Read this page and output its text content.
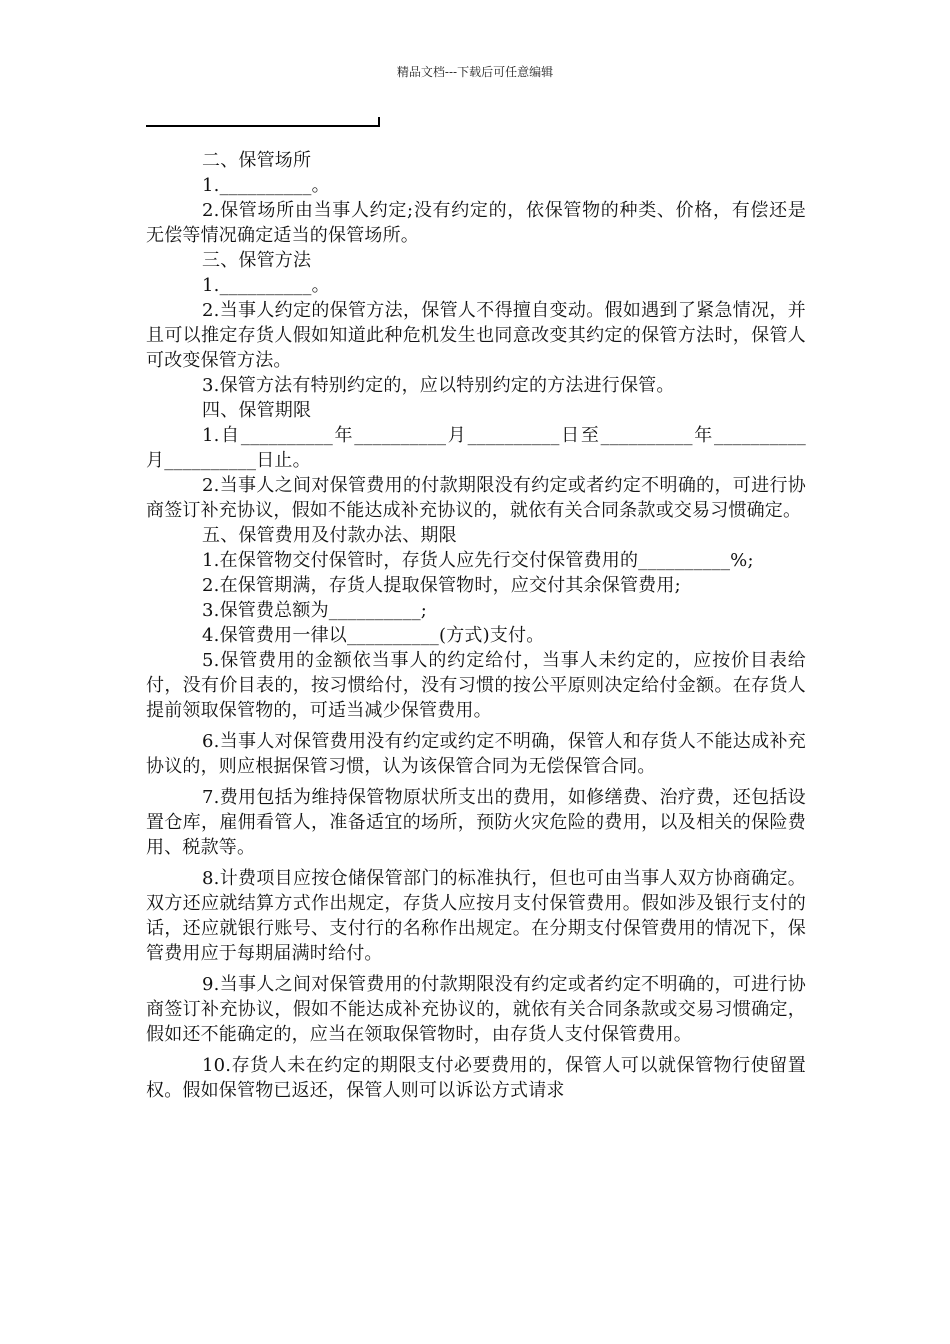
精品文档---下载后可任意编辑

二、保管场所

1.__________。

2.保管场所由当事人约定;没有约定的，依保管物的种类、价格，有偿还是无偿等情况确定适当的保管场所。

三、保管方法

1.__________。

2.当事人约定的保管方法，保管人不得擅自变动。假如遇到了紧急情况，并且可以推定存货人假如知道此种危机发生也同意改变其约定的保管方法时，保管人可改变保管方法。

3.保管方法有特别约定的，应以特别约定的方法进行保管。

四、保管期限

1.自__________年__________月__________日至__________年__________月__________日止。

2.当事人之间对保管费用的付款期限没有约定或者约定不明确的，可进行协商签订补充协议，假如不能达成补充协议的，就依有关合同条款或交易习惯确定。

五、保管费用及付款办法、期限

1.在保管物交付保管时，存货人应先行交付保管费用的__________%;

2.在保管期满，存货人提取保管物时，应交付其余保管费用;

3.保管费总额为__________;

4.保管费用一律以__________(方式)支付。

5.保管费用的金额依当事人的约定给付，当事人未约定的，应按价目表给付，没有价目表的，按习惯给付，没有习惯的按公平原则决定给付金额。在存货人提前领取保管物的，可适当减少保管费用。

6.当事人对保管费用没有约定或约定不明确，保管人和存货人不能达成补充协议的，则应根据保管习惯，认为该保管合同为无偿保管合同。

7.费用包括为维持保管物原状所支出的费用，如修缮费、治疗费，还包括设置仓库，雇佣看管人，准备适宜的场所，预防火灾危险的费用，以及相关的保险费用、税款等。

8.计费项目应按仓储保管部门的标准执行，但也可由当事人双方协商确定。双方还应就结算方式作出规定，存货人应按月支付保管费用。假如涉及银行支付的话，还应就银行账号、支付行的名称作出规定。在分期支付保管费用的情况下，保管费用应于每期届满时给付。

9.当事人之间对保管费用的付款期限没有约定或者约定不明确的，可进行协商签订补充协议，假如不能达成补充协议的，就依有关合同条款或交易习惯确定，假如还不能确定的，应当在领取保管物时，由存货人支付保管费用。

10.存货人未在约定的期限支付必要费用的，保管人可以就保管物行使留置权。假如保管物已返还，保管人则可以诉讼方式请求
